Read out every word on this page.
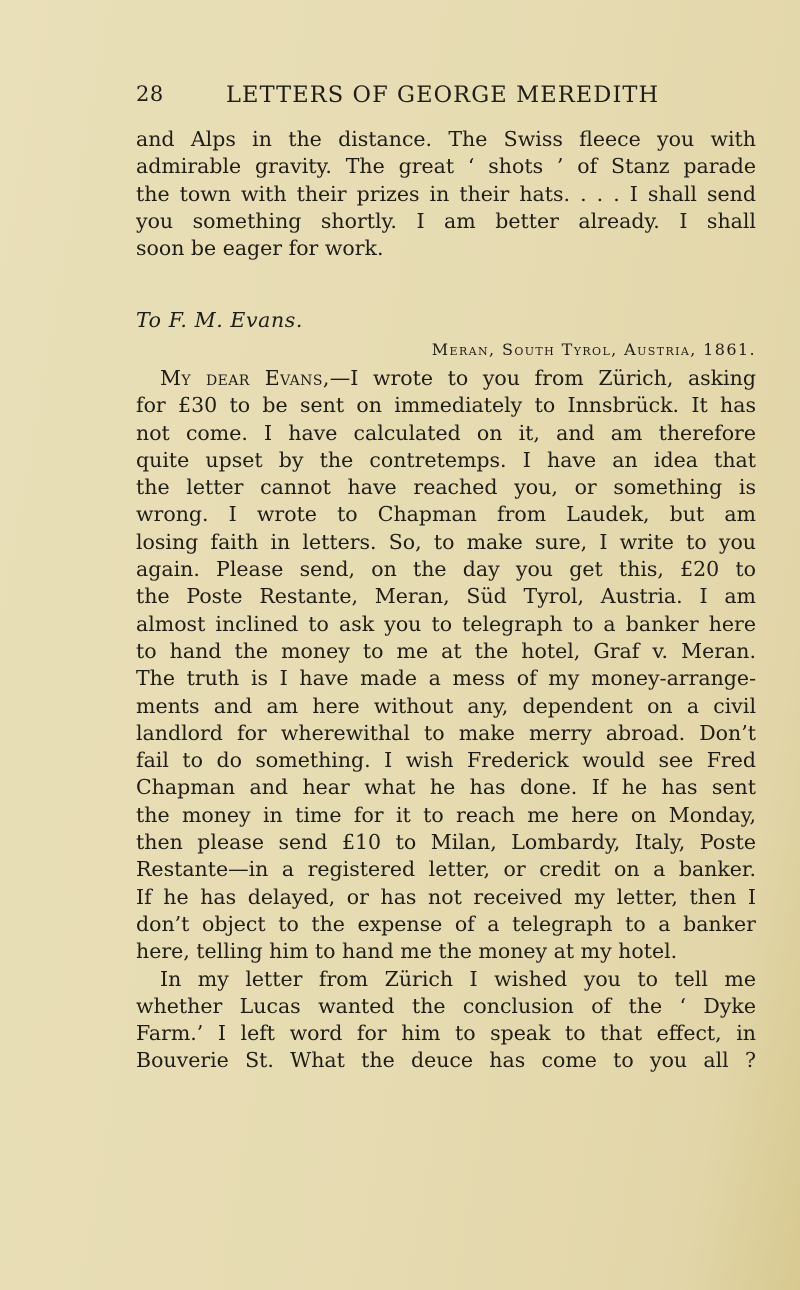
28	LETTERS OF GEORGE MEREDITH
and Alps in the distance. The Swiss fleece you with
admirable gravity. The great ‘ shots ’ of Stanz parade
the town with their prizes in their hats. . . . I shall send
you something shortly. I am better already. I shall
soon be eager for work.
To F. M. Evans.
Meran, South Tyrol, Austria, 1861.
My dear Evans,—I wrote to you from Zürich, asking
for £30 to be sent on immediately to Innsbrück. It has
not come. I have calculated on it, and am therefore
quite upset by the contretemps. I have an idea that
the letter cannot have reached you, or something is
wrong. I wrote to Chapman from Laudek, but am
losing faith in letters. So, to make sure, I write to you
again. Please send, on the day you get this, £20 to
the Poste Restante, Meran, Süd Tyrol, Austria. I am
almost inclined to ask you to telegraph to a banker here
to hand the money to me at the hotel, Graf v. Meran.
The truth is I have made a mess of my money-arrange-
ments and am here without any, dependent on a civil
landlord for wherewithal to make merry abroad. Don’t
fail to do something. I wish Frederick would see Fred
Chapman and hear what he has done. If he has sent
the money in time for it to reach me here on Monday,
then please send £10 to Milan, Lombardy, Italy, Poste
Restante—in a registered letter, or credit on a banker.
If he has delayed, or has not received my letter, then I
don’t object to the expense of a telegraph to a banker
here, telling him to hand me the money at my hotel.
In my letter from Zürich I wished you to tell me
whether Lucas wanted the conclusion of the ‘ Dyke
Farm.’ I left word for him to speak to that effect, in
Bouverie St. What the deuce has come to you all ?
